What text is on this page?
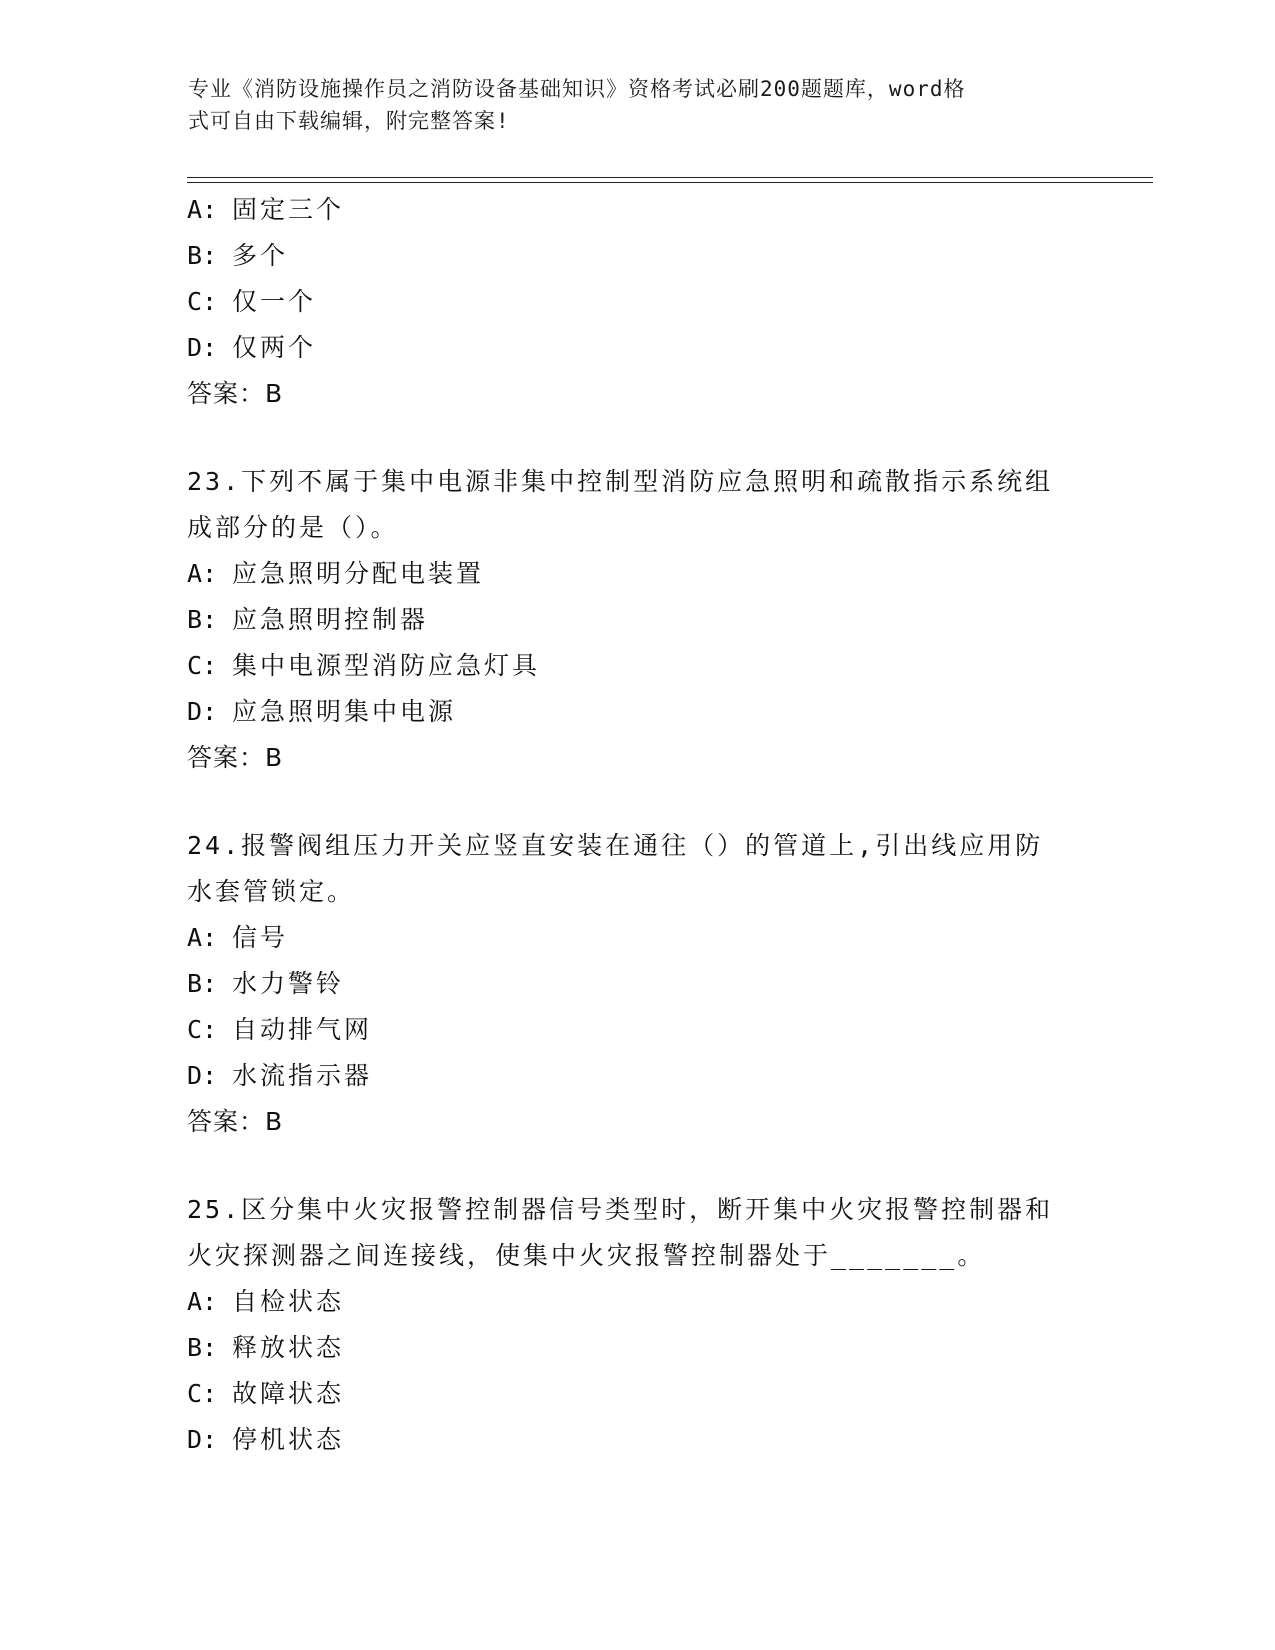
专业《消防设施操作员之消防设备基础知识》资格考试必刷200题题库，word格
式可自由下载编辑，附完整答案!
A: 固定三个
B: 多个
C: 仅一个
D: 仅两个
答案：B
23.下列不属于集中电源非集中控制型消防应急照明和疏散指示系统组
成部分的是（）。
A: 应急照明分配电装置
B: 应急照明控制器
C: 集中电源型消防应急灯具
D: 应急照明集中电源
答案：B
24.报警阀组压力开关应竖直安装在通往（）的管道上,引出线应用防
水套管锁定。
A: 信号
B: 水力警铃
C: 自动排气网
D: 水流指示器
答案：B
25.区分集中火灾报警控制器信号类型时，断开集中火灾报警控制器和
火灾探测器之间连接线，使集中火灾报警控制器处于_______。
A: 自检状态
B: 释放状态
C: 故障状态
D: 停机状态
